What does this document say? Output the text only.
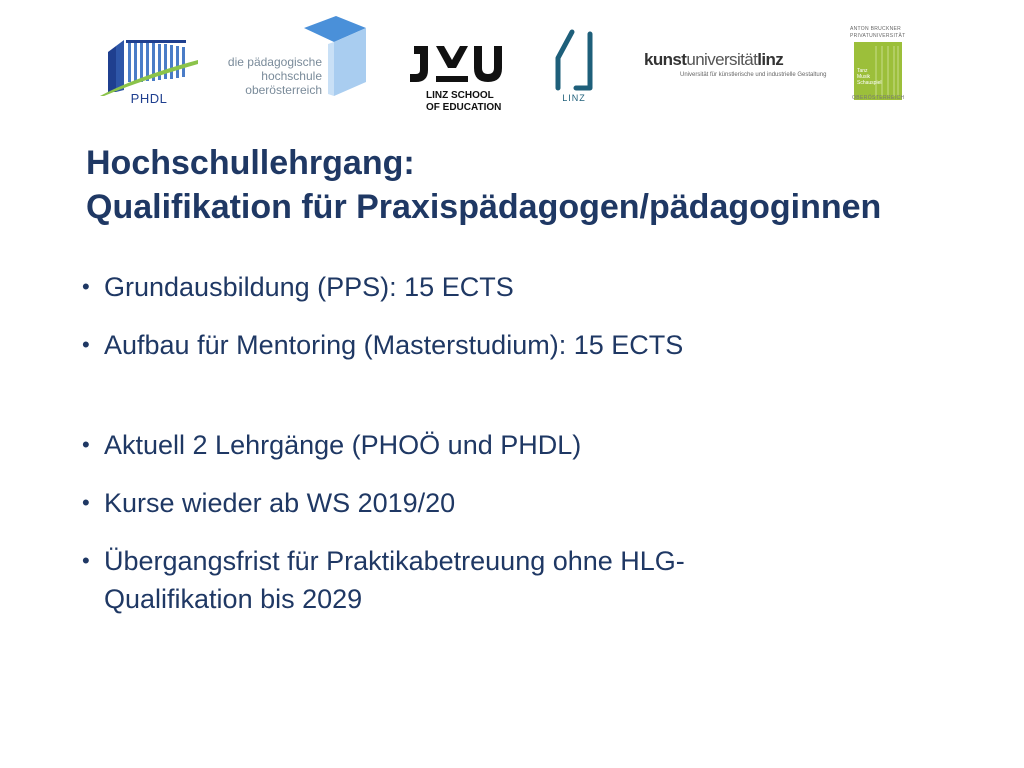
PHDL
die pädagogische
hochschule
oberösterreich	LINZ SCHOOL
OF EDUCATION
LINZ
kunstuniversitätlinz
Universität für künstlerische und industrielle Gestaltung
ANTON BRUCKNER
PRIVATUNIVERSITÄT
Tanz
Musik
Schauspiel
OBERÖSTERREICH
Hochschullehrgang:
Qualifikation für Praxispädagogen/pädagoginnen
• Grundausbildung (PPS): 15 ECTS
• Aufbau für Mentoring (Masterstudium): 15 ECTS
• Aktuell 2 Lehrgänge (PHOÖ und PHDL)
• Kurse wieder ab WS 2019/20
• Übergangsfrist für Praktikabetreuung ohne HLG-
Qualifikation bis 2029
